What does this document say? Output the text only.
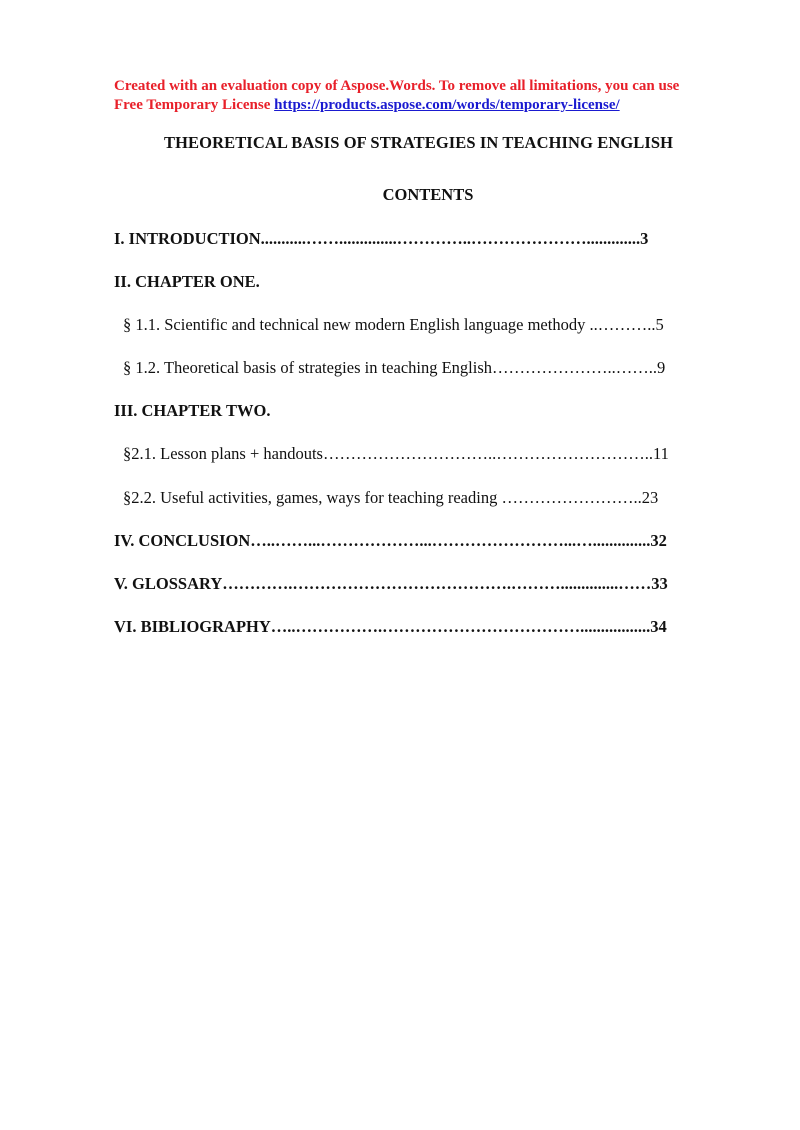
Created with an evaluation copy of Aspose.Words. To remove all limitations, you can use
Free Temporary License https://products.aspose.com/words/temporary-license/
THEORETICAL BASIS OF STRATEGIES IN TEACHING ENGLISH
CONTENTS
I. INTRODUCTION...........……..............…………..………………….............3
II. CHAPTER ONE.
§ 1.1. Scientific and technical new modern English language methody ..………..5
§ 1.2. Theoretical basis of strategies in teaching English…………………..……..9
III. CHAPTER TWO.
§2.1. Lesson plans + handouts…………………………..………………………..11
§2.2. Useful activities, games, ways for teaching reading ……………………..23
IV. CONCLUSION…..……...………………...……………………...…..............32
V. GLOSSARY………….………………………………….………..............……33
VI. BIBLIOGRAPHY…..…………….……………………………….................34
